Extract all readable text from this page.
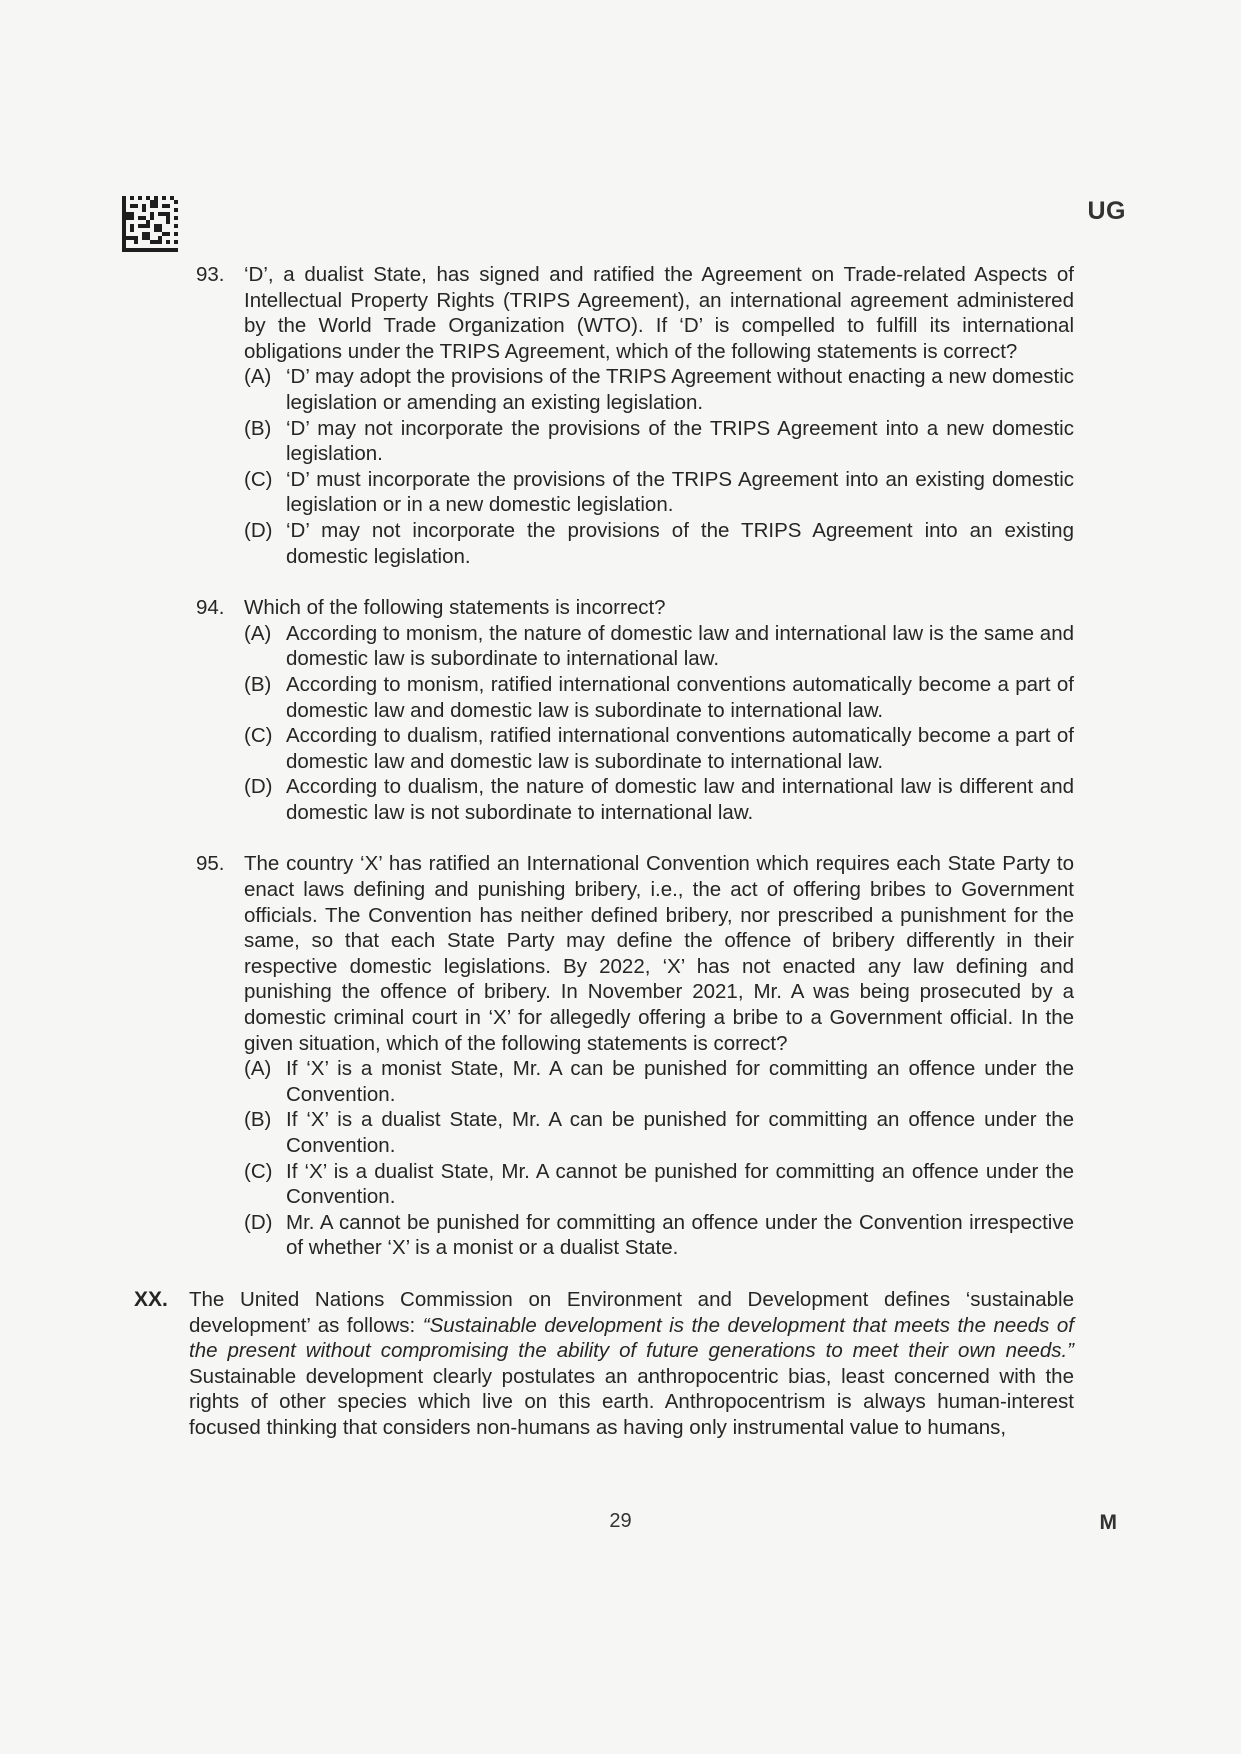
UG
93. ‘D’, a dualist State, has signed and ratified the Agreement on Trade-related Aspects of Intellectual Property Rights (TRIPS Agreement), an international agreement administered by the World Trade Organization (WTO). If ‘D’ is compelled to fulfill its international obligations under the TRIPS Agreement, which of the following statements is correct?
(A) ‘D’ may adopt the provisions of the TRIPS Agreement without enacting a new domestic legislation or amending an existing legislation.
(B) ‘D’ may not incorporate the provisions of the TRIPS Agreement into a new domestic legislation.
(C) ‘D’ must incorporate the provisions of the TRIPS Agreement into an existing domestic legislation or in a new domestic legislation.
(D) ‘D’ may not incorporate the provisions of the TRIPS Agreement into an existing domestic legislation.
94. Which of the following statements is incorrect?
(A) According to monism, the nature of domestic law and international law is the same and domestic law is subordinate to international law.
(B) According to monism, ratified international conventions automatically become a part of domestic law and domestic law is subordinate to international law.
(C) According to dualism, ratified international conventions automatically become a part of domestic law and domestic law is subordinate to international law.
(D) According to dualism, the nature of domestic law and international law is different and domestic law is not subordinate to international law.
95. The country ‘X’ has ratified an International Convention which requires each State Party to enact laws defining and punishing bribery, i.e., the act of offering bribes to Government officials. The Convention has neither defined bribery, nor prescribed a punishment for the same, so that each State Party may define the offence of bribery differently in their respective domestic legislations. By 2022, ‘X’ has not enacted any law defining and punishing the offence of bribery. In November 2021, Mr. A was being prosecuted by a domestic criminal court in ‘X’ for allegedly offering a bribe to a Government official. In the given situation, which of the following statements is correct?
(A) If ‘X’ is a monist State, Mr. A can be punished for committing an offence under the Convention.
(B) If ‘X’ is a dualist State, Mr. A can be punished for committing an offence under the Convention.
(C) If ‘X’ is a dualist State, Mr. A cannot be punished for committing an offence under the Convention.
(D) Mr. A cannot be punished for committing an offence under the Convention irrespective of whether ‘X’ is a monist or a dualist State.
XX. The United Nations Commission on Environment and Development defines ‘sustainable development’ as follows: “Sustainable development is the development that meets the needs of the present without compromising the ability of future generations to meet their own needs.” Sustainable development clearly postulates an anthropocentric bias, least concerned with the rights of other species which live on this earth. Anthropocentrism is always human-interest focused thinking that considers non-humans as having only instrumental value to humans,
29	M
